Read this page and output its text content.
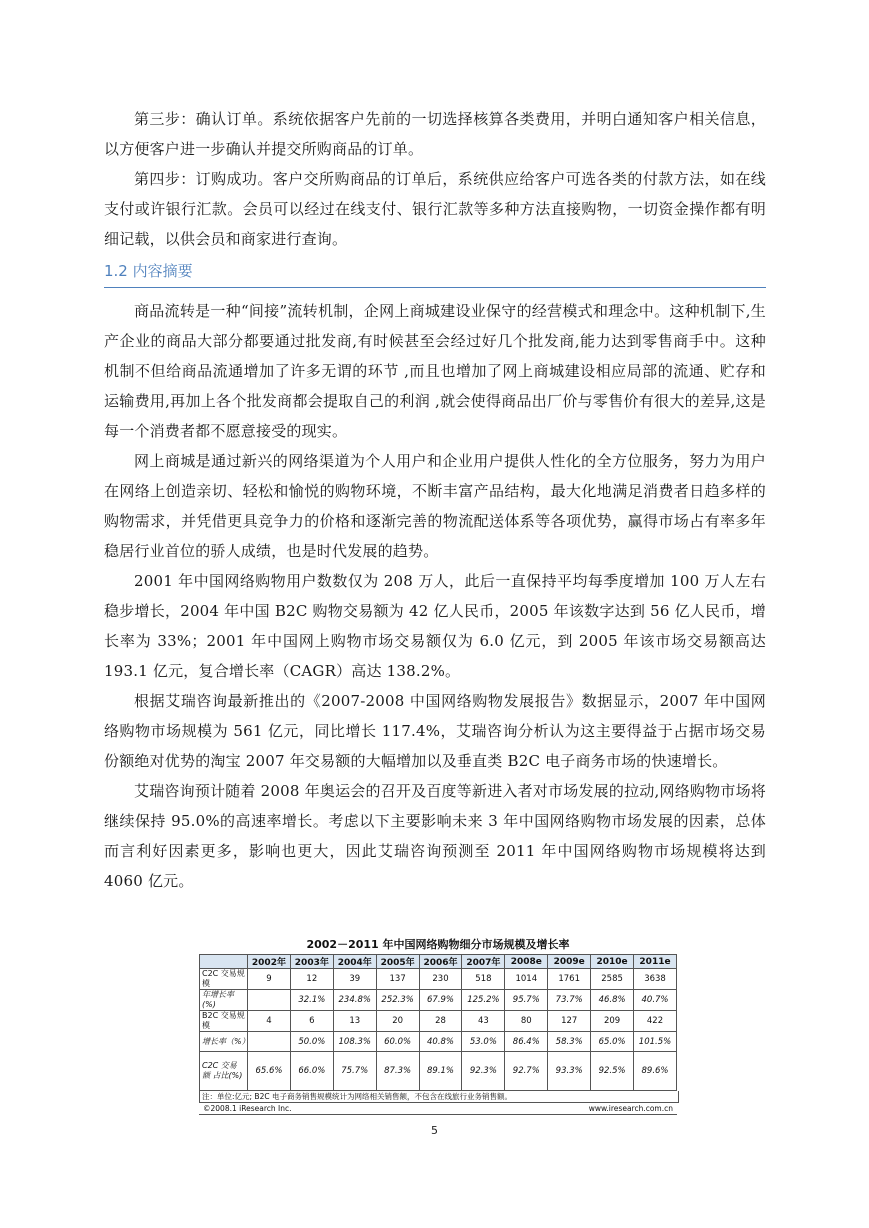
第三步：确认订单。系统依据客户先前的一切选择核算各类费用，并明白通知客户相关信息，以方便客户进一步确认并提交所购商品的订单。

第四步：订购成功。客户交所购商品的订单后，系统供应给客户可选各类的付款方法，如在线支付或许银行汇款。会员可以经过在线支付、银行汇款等多种方法直接购物，一切资金操作都有明细记载，以供会员和商家进行查询。

1.2 内容摘要

商品流转是一种“间接”流转机制，企网上商城建设业保守的经营模式和理念中。这种机制下,生产企业的商品大部分都要通过批发商,有时候甚至会经过好几个批发商,能力达到零售商手中。这种机制不但给商品流通增加了许多无谓的环节 ,而且也增加了网上商城建设相应局部的流通、贮存和运输费用,再加上各个批发商都会提取自己的利润 ,就会使得商品出厂价与零售价有很大的差异,这是每一个消费者都不愿意接受的现实。

网上商城是通过新兴的网络渠道为个人用户和企业用户提供人性化的全方位服务，努力为用户在网络上创造亲切、轻松和愉悦的购物环境，不断丰富产品结构，最大化地满足消费者日趋多样的购物需求，并凭借更具竞争力的价格和逐渐完善的物流配送体系等各项优势，赢得市场占有率多年稳居行业首位的骄人成绩，也是时代发展的趋势。

2001 年中国网络购物用户数数仅为 208 万人，此后一直保持平均每季度增加 100 万人左右稳步增长，2004 年中国 B2C 购物交易额为 42 亿人民币，2005 年该数字达到 56 亿人民币，增长率为 33%；2001 年中国网上购物市场交易额仅为 6.0 亿元，到 2005 年该市场交易额高达 193.1 亿元，复合增长率（CAGR）高达 138.2%。

根据艾瑞咨询最新推出的《2007-2008 中国网络购物发展报告》数据显示，2007 年中国网络购物市场规模为 561 亿元，同比增长 117.4%，艾瑞咨询分析认为这主要得益于占据市场交易份额绝对优势的淘宝 2007 年交易额的大幅增加以及垂直类 B2C 电子商务市场的快速增长。

艾瑞咨询预计随着 2008 年奥运会的召开及百度等新进入者对市场发展的拉动,网络购物市场将继续保持 95.0%的高速率增长。考虑以下主要影响未来 3 年中国网络购物市场发展的因素，总体而言利好因素更多，影响也更大，因此艾瑞咨询预测至 2011 年中国网络购物市场规模将达到 4060 亿元。

2002－2011 年中国网络购物细分市场规模及增长率
	2002年	2003年	2004年	2005年	2006年	2007年	2008e	2009e	2010e	2011e
C2C 交易规模	9	12	39	137	230	518	1014	1761	2585	3638
年增长率(%)		32.1%	234.8%	252.3%	67.9%	125.2%	95.7%	73.7%	46.8%	40.7%
B2C 交易规模	4	6	13	20	28	43	80	127	209	422
增长率（%）		50.0%	108.3%	60.0%	40.8%	53.0%	86.4%	58.3%	65.0%	101.5%
C2C 交易 额 占比(%)	65.6%	66.0%	75.7%	87.3%	89.1%	92.3%	92.7%	93.3%	92.5%	89.6%
注：单位:亿元; B2C 电子商务销售规模统计为网络相关销售额，不包含在线旅行业务销售额。
©2008.1 iResearch Inc.	www.iresearch.com.cn
5
